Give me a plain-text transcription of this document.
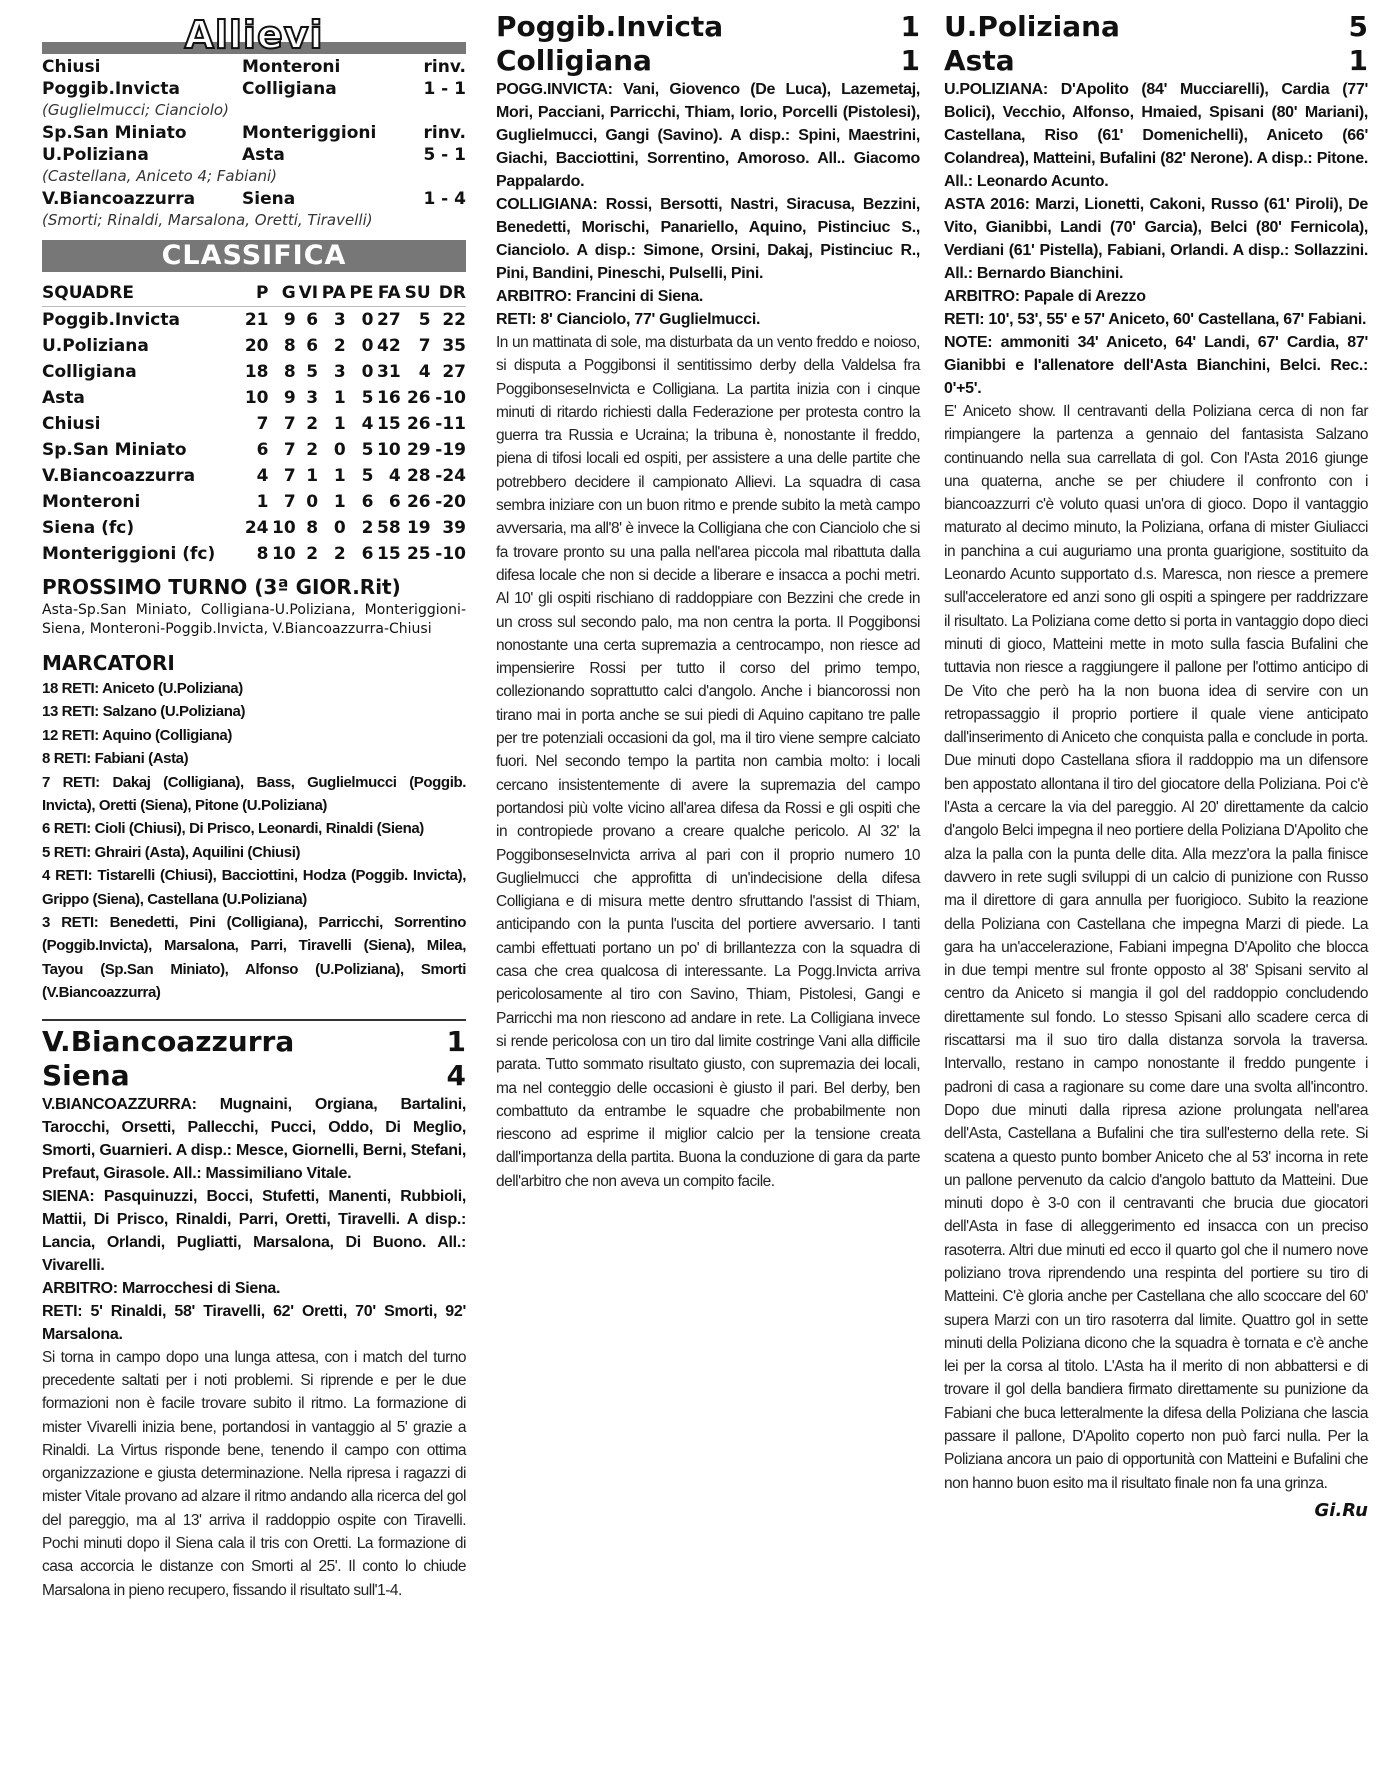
Allievi
Chiusi	Monteroni	rinv.
Poggib.Invicta	Colligiana	1 - 1
(Guglielmucci; Cianciolo)
Sp.San Miniato	Monteriggioni	rinv.
U.Poliziana	Asta	5 - 1
(Castellana, Aniceto 4; Fabiani)
V.Biancoazzurra	Siena	1 - 4
(Smorti; Rinaldi, Marsalona, Oretti, Tiravelli)
CLASSIFICA
SQUADRE	P	G	VI	PA	PE	FA	SU	DR
Poggib.Invicta	21	9	6	3	0	27	5	22
U.Poliziana	20	8	6	2	0	42	7	35
Colligiana	18	8	5	3	0	31	4	27
Asta	10	9	3	1	5	16	26	-10
Chiusi	7	7	2	1	4	15	26	-11
Sp.San Miniato	6	7	2	0	5	10	29	-19
V.Biancoazzurra	4	7	1	1	5	4	28	-24
Monteroni	1	7	0	1	6	6	26	-20
Siena (fc)	24	10	8	0	2	58	19	39
Monteriggioni (fc)	8	10	2	2	6	15	25	-10
PROSSIMO TURNO (3ª GIOR.Rit)
Asta-Sp.San Miniato, Colligiana-U.Poliziana, Monteriggioni-Siena, Monteroni-Poggib.Invicta, V.Biancoazzurra-Chiusi
MARCATORI
18 RETI: Aniceto (U.Poliziana)
13 RETI: Salzano (U.Poliziana)
12 RETI: Aquino (Colligiana)
8 RETI: Fabiani (Asta)
7 RETI: Dakaj (Colligiana), Bass, Guglielmucci (Poggib. Invicta), Oretti (Siena), Pitone (U.Poliziana)
6 RETI: Cioli (Chiusi), Di Prisco, Leonardi, Rinaldi (Siena)
5 RETI: Ghrairi (Asta), Aquilini (Chiusi)
4 RETI: Tistarelli (Chiusi), Bacciottini, Hodza (Poggib. Invicta), Grippo (Siena), Castellana (U.Poliziana)
3 RETI: Benedetti, Pini (Colligiana), Parricchi, Sorrentino (Poggib.Invicta), Marsalona, Parri, Tiravelli (Siena), Milea, Tayou (Sp.San Miniato), Alfonso (U.Poliziana), Smorti (V.Biancoazzurra)
V.Biancoazzurra	1
Siena	4
V.BIANCOAZZURRA: Mugnaini, Orgiana, Bartalini, Tarocchi, Orsetti, Pallecchi, Pucci, Oddo, Di Meglio, Smorti, Guarnieri. A disp.: Mesce, Giornelli, Berni, Stefani, Prefaut, Girasole. All.: Massimiliano Vitale.
SIENA: Pasquinuzzi, Bocci, Stufetti, Manenti, Rubbioli, Mattii, Di Prisco, Rinaldi, Parri, Oretti, Tiravelli. A disp.: Lancia, Orlandi, Pugliatti, Marsalona, Di Buono. All.: Vivarelli.
ARBITRO: Marrocchesi di Siena.
RETI: 5' Rinaldi, 58' Tiravelli, 62' Oretti, 70' Smorti, 92' Marsalona.
Si torna in campo dopo una lunga attesa, con i match del turno precedente saltati per i noti problemi. Si riprende e per le due formazioni non è facile trovare subito il ritmo. La formazione di mister Vivarelli inizia bene, portandosi in vantaggio al 5' grazie a Rinaldi. La Virtus risponde bene, tenendo il campo con ottima organizzazione e giusta determinazione. Nella ripresa i ragazzi di mister Vitale provano ad alzare il ritmo andando alla ricerca del gol del pareggio, ma al 13' arriva il raddoppio ospite con Tiravelli. Pochi minuti dopo il Siena cala il tris con Oretti. La formazione di casa accorcia le distanze con Smorti al 25'. Il conto lo chiude Marsalona in pieno recupero, fissando il risultato sull'1-4.
Poggib.Invicta	1
Colligiana	1
POGG.INVICTA: Vani, Giovenco (De Luca), Lazemetaj, Mori, Pacciani, Parricchi, Thiam, Iorio, Porcelli (Pistolesi), Guglielmucci, Gangi (Savino). A disp.: Spini, Maestrini, Giachi, Bacciottini, Sorrentino, Amoroso. All.. Giacomo Pappalardo.
COLLIGIANA: Rossi, Bersotti, Nastri, Siracusa, Bezzini, Benedetti, Morischi, Panariello, Aquino, Pistinciuc S., Cianciolo. A disp.: Simone, Orsini, Dakaj, Pistinciuc R., Pini, Bandini, Pineschi, Pulselli, Pini.
ARBITRO: Francini di Siena.
RETI: 8' Cianciolo, 77' Guglielmucci.
In un mattinata di sole, ma disturbata da un vento freddo e noioso, si disputa a Poggibonsi il sentitissimo derby della Valdelsa fra PoggibonseseInvicta e Colligiana. La partita inizia con i cinque minuti di ritardo richiesti dalla Federazione per protesta contro la guerra tra Russia e Ucraina; la tribuna è, nonostante il freddo, piena di tifosi locali ed ospiti, per assistere a una delle partite che potrebbero decidere il campionato Allievi. La squadra di casa sembra iniziare con un buon ritmo e prende subito la metà campo avversaria, ma all'8' è invece la Colligiana che con Cianciolo che si fa trovare pronto su una palla nell'area piccola mal ribattuta dalla difesa locale che non si decide a liberare e insacca a pochi metri. Al 10' gli ospiti rischiano di raddoppiare con Bezzini che crede in un cross sul secondo palo, ma non centra la porta. Il Poggibonsi nonostante una certa supremazia a centrocampo, non riesce ad impensierire Rossi per tutto il corso del primo tempo, collezionando soprattutto calci d'angolo. Anche i biancorossi non tirano mai in porta anche se sui piedi di Aquino capitano tre palle per tre potenziali occasioni da gol, ma il tiro viene sempre calciato fuori. Nel secondo tempo la partita non cambia molto: i locali cercano insistentemente di avere la supremazia del campo portandosi più volte vicino all'area difesa da Rossi e gli ospiti che in contropiede provano a creare qualche pericolo. Al 32' la PoggibonseseInvicta arriva al pari con il proprio numero 10 Guglielmucci che approfitta di un'indecisione della difesa Colligiana e di misura mette dentro sfruttando l'assist di Thiam, anticipando con la punta l'uscita del portiere avversario. I tanti cambi effettuati portano un po' di brillantezza con la squadra di casa che crea qualcosa di interessante. La Pogg.Invicta arriva pericolosamente al tiro con Savino, Thiam, Pistolesi, Gangi e Parricchi ma non riescono ad andare in rete. La Colligiana invece si rende pericolosa con un tiro dal limite costringe Vani alla difficile parata. Tutto sommato risultato giusto, con supremazia dei locali, ma nel conteggio delle occasioni è giusto il pari. Bel derby, ben combattuto da entrambe le squadre che probabilmente non riescono ad esprime il miglior calcio per la tensione creata dall'importanza della partita. Buona la conduzione di gara da parte dell'arbitro che non aveva un compito facile.
U.Poliziana	5
Asta	1
U.POLIZIANA: D'Apolito (84' Mucciarelli), Cardia (77' Bolici), Vecchio, Alfonso, Hmaied, Spisani (80' Mariani), Castellana, Riso (61' Domenichelli), Aniceto (66' Colandrea), Matteini, Bufalini (82' Nerone). A disp.: Pitone. All.: Leonardo Acunto.
ASTA 2016: Marzi, Lionetti, Cakoni, Russo (61' Piroli), De Vito, Gianibbi, Landi (70' Garcia), Belci (80' Fernicola), Verdiani (61' Pistella), Fabiani, Orlandi. A disp.: Sollazzini. All.: Bernardo Bianchini.
ARBITRO: Papale di Arezzo
RETI: 10', 53', 55' e 57' Aniceto, 60' Castellana, 67' Fabiani.
NOTE: ammoniti 34' Aniceto, 64' Landi, 67' Cardia, 87' Gianibbi e l'allenatore dell'Asta Bianchini, Belci. Rec.: 0'+5'.
E' Aniceto show. Il centravanti della Poliziana cerca di non far rimpiangere la partenza a gennaio del fantasista Salzano continuando nella sua carrellata di gol. Con l'Asta 2016 giunge una quaterna, anche se per chiudere il confronto con i biancoazzurri c'è voluto quasi un'ora di gioco. Dopo il vantaggio maturato al decimo minuto, la Poliziana, orfana di mister Giuliacci in panchina a cui auguriamo una pronta guarigione, sostituito da Leonardo Acunto supportato d.s. Maresca, non riesce a premere sull'acceleratore ed anzi sono gli ospiti a spingere per raddrizzare il risultato. La Poliziana come detto si porta in vantaggio dopo dieci minuti di gioco, Matteini mette in moto sulla fascia Bufalini che tuttavia non riesce a raggiungere il pallone per l'ottimo anticipo di De Vito che però ha la non buona idea di servire con un retropassaggio il proprio portiere il quale viene anticipato dall'inserimento di Aniceto che conquista palla e conclude in porta. Due minuti dopo Castellana sfiora il raddoppio ma un difensore ben appostato allontana il tiro del giocatore della Poliziana. Poi c'è l'Asta a cercare la via del pareggio. Al 20' direttamente da calcio d'angolo Belci impegna il neo portiere della Poliziana D'Apolito che alza la palla con la punta delle dita. Alla mezz'ora la palla finisce davvero in rete sugli sviluppi di un calcio di punizione con Russo ma il direttore di gara annulla per fuorigioco. Subito la reazione della Poliziana con Castellana che impegna Marzi di piede. La gara ha un'accelerazione, Fabiani impegna D'Apolito che blocca in due tempi mentre sul fronte opposto al 38' Spisani servito al centro da Aniceto si mangia il gol del raddoppio concludendo direttamente sul fondo. Lo stesso Spisani allo scadere cerca di riscattarsi ma il suo tiro dalla distanza sorvola la traversa. Intervallo, restano in campo nonostante il freddo pungente i padroni di casa a ragionare su come dare una svolta all'incontro. Dopo due minuti dalla ripresa azione prolungata nell'area dell'Asta, Castellana a Bufalini che tira sull'esterno della rete. Si scatena a questo punto bomber Aniceto che al 53' incorna in rete un pallone pervenuto da calcio d'angolo battuto da Matteini. Due minuti dopo è 3-0 con il centravanti che brucia due giocatori dell'Asta in fase di alleggerimento ed insacca con un preciso rasoterra. Altri due minuti ed ecco il quarto gol che il numero nove poliziano trova riprendendo una respinta del portiere su tiro di Matteini. C'è gloria anche per Castellana che allo scoccare del 60' supera Marzi con un tiro rasoterra dal limite. Quattro gol in sette minuti della Poliziana dicono che la squadra è tornata e c'è anche lei per la corsa al titolo. L'Asta ha il merito di non abbattersi e di trovare il gol della bandiera firmato direttamente su punizione da Fabiani che buca letteralmente la difesa della Poliziana che lascia passare il pallone, D'Apolito coperto non può farci nulla. Per la Poliziana ancora un paio di opportunità con Matteini e Bufalini che non hanno buon esito ma il risultato finale non fa una grinza.
Gi.Ru
